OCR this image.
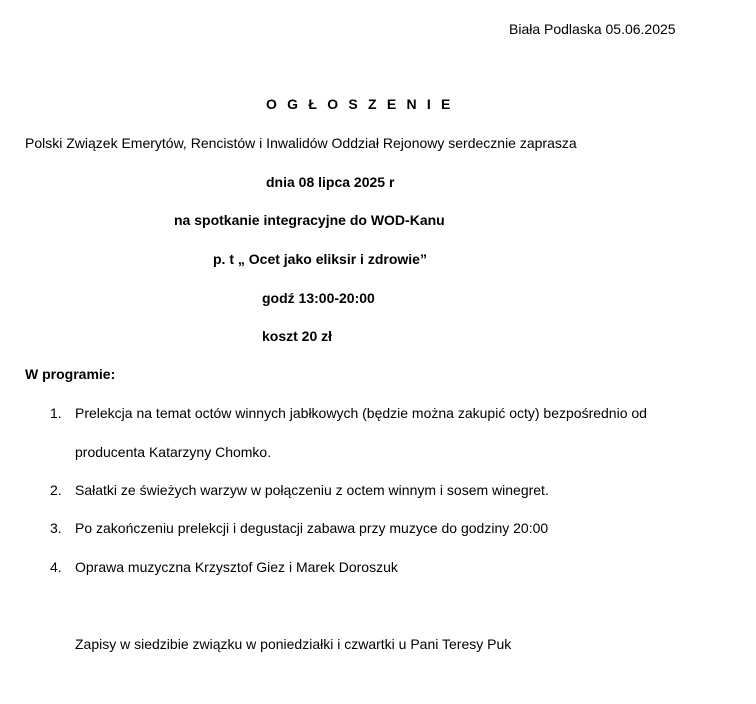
Biała Podlaska 05.06.2025
O G Ł O S Z E N I E
Polski Związek Emerytów, Rencistów i Inwalidów Oddział Rejonowy serdecznie zaprasza
dnia 08 lipca 2025 r
na spotkanie integracyjne do WOD-Kanu
p. t „ Ocet jako eliksir i zdrowie”
godź 13:00-20:00
koszt 20 zł
W programie:
1. Prelekcja na temat octów winnych jabłkowych (będzie można zakupić octy) bezpośrednio od
producenta Katarzyny Chomko.
2. Sałatki ze świeżych warzyw w połączeniu z octem winnym i sosem winegret.
3. Po zakończeniu prelekcji i degustacji zabawa przy muzyce do godziny 20:00
4. Oprawa muzyczna Krzysztof Giez i Marek Doroszuk
Zapisy w siedzibie związku w poniedziałki i czwartki u Pani Teresy Puk
